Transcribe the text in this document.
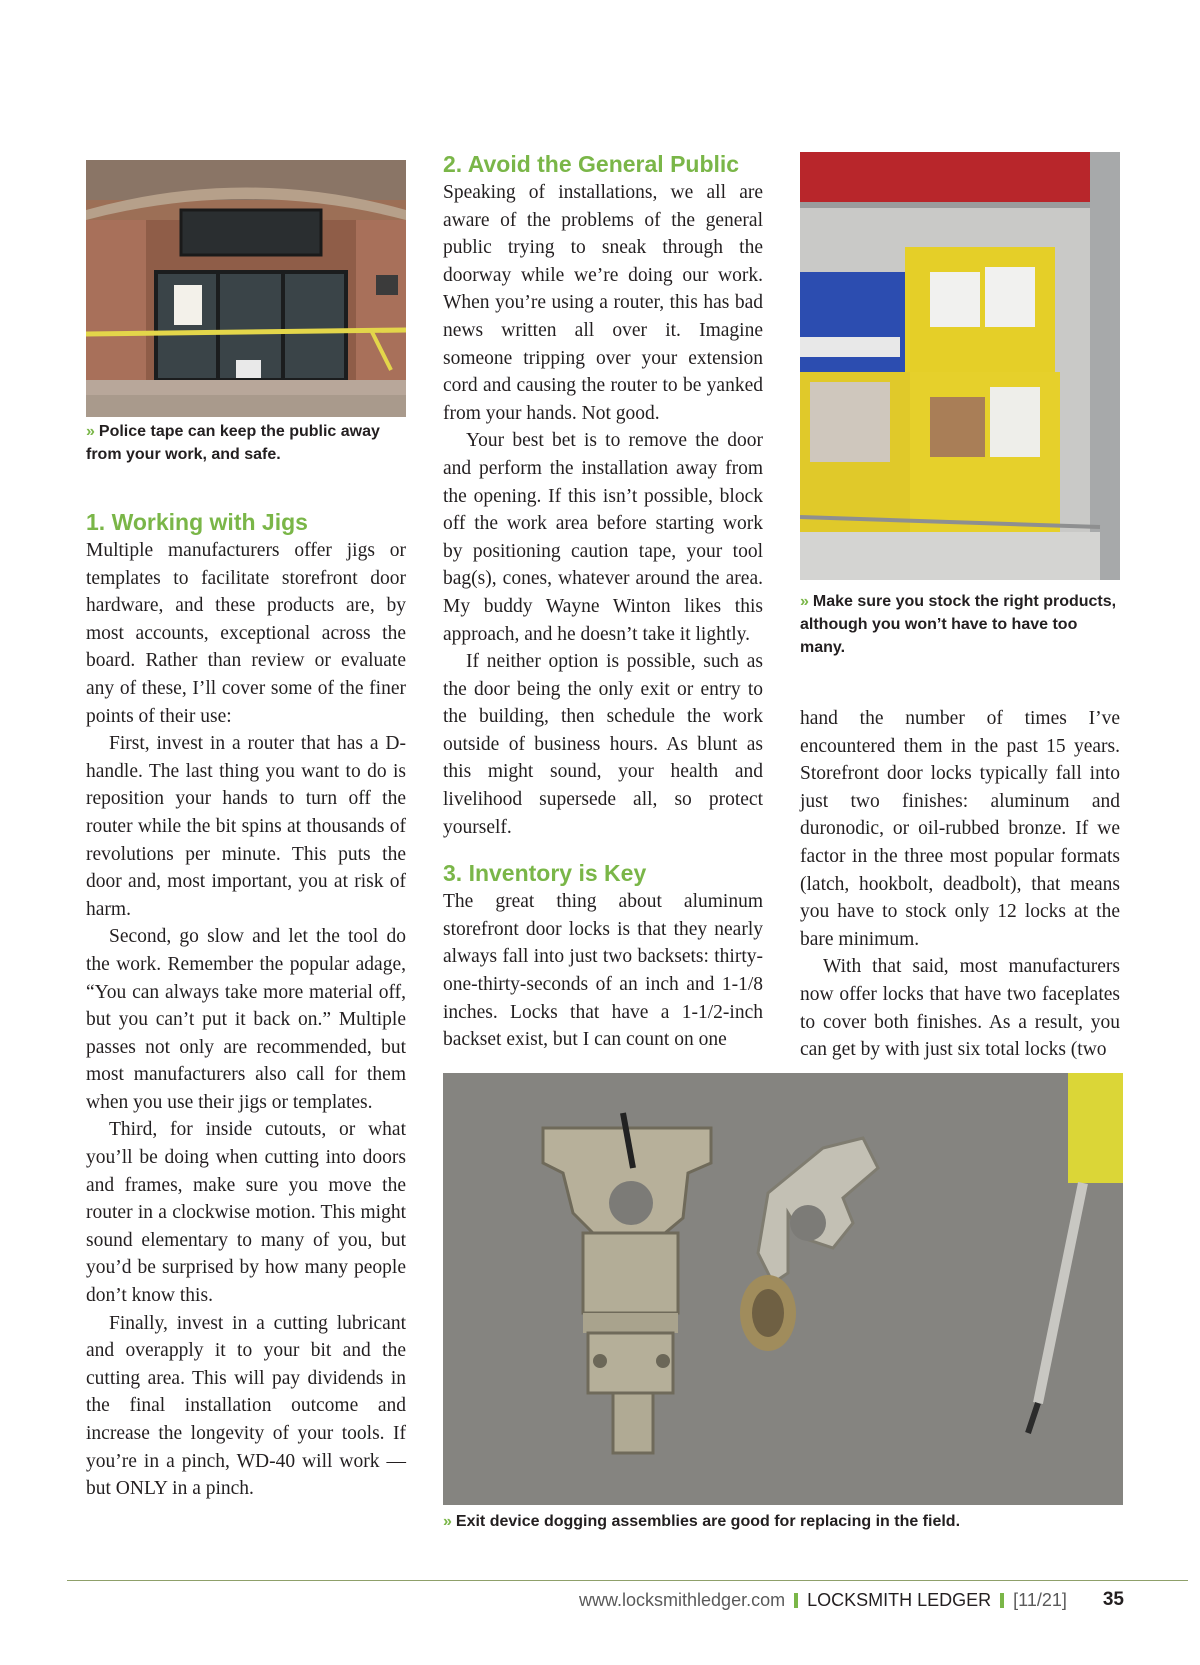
» Police tape can keep the public away from your work, and safe.
» Make sure you stock the right products, although you won’t have to have too many.
» Exit device dogging assemblies are good for replacing in the field.
1. Working with Jigs

Multiple manufacturers offer jigs or templates to facilitate storefront door hardware, and these products are, by most accounts, exceptional across the board. Rather than review or evaluate any of these, I’ll cover some of the finer points of their use:

First, invest in a router that has a D-handle. The last thing you want to do is reposition your hands to turn off the router while the bit spins at thousands of revolutions per minute. This puts the door and, most important, you at risk of harm.

Second, go slow and let the tool do the work. Remember the popular adage, “You can always take more material off, but you can’t put it back on.” Multiple passes not only are recommended, but most manufacturers also call for them when you use their jigs or templates.

Third, for inside cutouts, or what you’ll be doing when cutting into doors and frames, make sure you move the router in a clockwise motion. This might sound elementary to many of you, but you’d be surprised by how many people don’t know this.

Finally, invest in a cutting lubricant and overapply it to your bit and the cutting area. This will pay dividends in the final installation outcome and increase the longevity of your tools. If you’re in a pinch, WD-40 will work — but ONLY in a pinch.

2. Avoid the General Public

Speaking of installations, we all are aware of the problems of the general public trying to sneak through the doorway while we’re doing our work. When you’re using a router, this has bad news written all over it. Imagine someone tripping over your extension cord and causing the router to be yanked from your hands. Not good.

Your best bet is to remove the door and perform the installation away from the opening. If this isn’t possible, block off the work area before starting work by positioning caution tape, your tool bag(s), cones, whatever around the area. My buddy Wayne Winton likes this approach, and he doesn’t take it lightly.

If neither option is possible, such as the door being the only exit or entry to the building, then schedule the work outside of business hours. As blunt as this might sound, your health and livelihood supersede all, so protect yourself.

3. Inventory is Key

The great thing about aluminum storefront door locks is that they nearly always fall into just two backsets: thirty-one-thirty-seconds of an inch and 1-1/8 inches. Locks that have a 1-1/2-inch backset exist, but I can count on one

hand the number of times I’ve encountered them in the past 15 years. Storefront door locks typically fall into just two finishes: aluminum and duronodic, or oil-rubbed bronze. If we factor in the three most popular formats (latch, hookbolt, deadbolt), that means you have to stock only 12 locks at the bare minimum.

With that said, most manufacturers now offer locks that have two faceplates to cover both finishes. As a result, you can get by with just six total locks (two

www.locksmithledger.com LOCKSMITH LEDGER [11/21] 35
